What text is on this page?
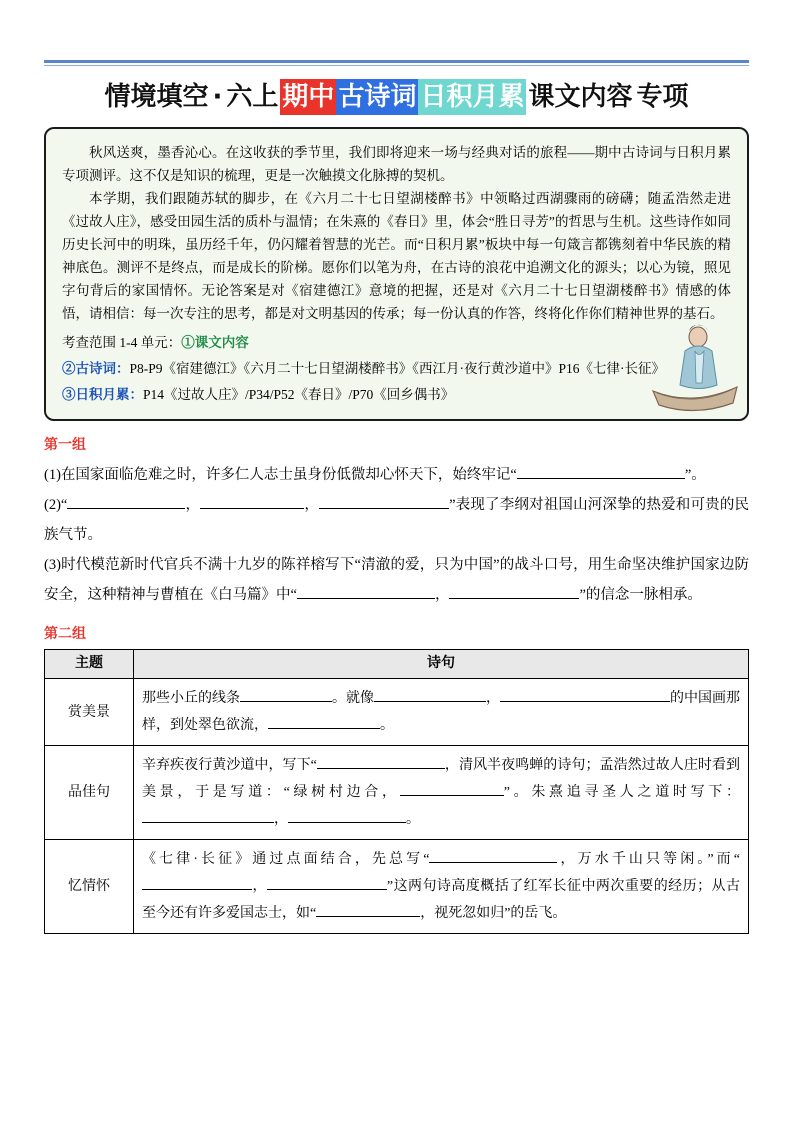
情境填空 · 六上 期中 古诗词 日积月累 课文内容 专项

秋风送爽，墨香沁心。在这收获的季节里，我们即将迎来一场与经典对话的旅程——期中古诗词与日积月累专项测评。这不仅是知识的梳理，更是一次触摸文化脉搏的契机。

本学期，我们跟随苏轼的脚步，在《六月二十七日望湖楼醉书》中领略过西湖骤雨的磅礴；随孟浩然走进《过故人庄》，感受田园生活的质朴与温情；在朱熹的《春日》里，体会“胜日寻芳”的哲思与生机。这些诗作如同历史长河中的明珠，虽历经千年，仍闪耀着智慧的光芒。而“日积月累”板块中每一句箴言都镌刻着中华民族的精神底色。测评不是终点，而是成长的阶梯。愿你们以笔为舟，在古诗的浪花中追溯文化的源头；以心为镜，照见字句背后的家国情怀。无论答案是对《宿建德江》意境的把握，还是对《六月二十七日望湖楼醉书》情感的体悟，请相信：每一次专注的思考，都是对文明基因的传承；每一份认真的作答，终将化作你们精神世界的基石。

考查范围 1-4 单元：①课文内容
②古诗词：P8-P9《宿建德江》《六月二十七日望湖楼醉书》《西江月·夜行黄沙道中》P16《七律·长征》
③日积月累：P14《过故人庄》/P34/P52《春日》/P70《回乡偶书》
第一组

(1)在国家面临危难之时，许多仁人志士虽身份低微却心怀天下，始终牢记“	”。

(2)“	，	，	”表现了李纲对祖国山河深挚的热爱和可贵的民族气节。

(3)时代模范新时代官兵不满十九岁的陈祥榕写下“清澈的爱，只为中国”的战斗口号，用生命坚决维护国家边防安全，这种精神与曹植在《白马篇》中“	，	”的信念一脉相承。

第二组
主题	诗句
赏美景	那些小丘的线条 。就像 ， 的中国画那样，到处翠色欲流， 。
品佳句	辛弃疾夜行黄沙道中，写下“ ，清风半夜鸣蝉的诗句；孟浩然过故人庄时看到美景，于是写道：“绿树村边合， ”。朱熹追寻圣人之道时写下：， 。
忆情怀	《七律·长征》通过点面结合，先总写“ ，万水千山只等闲。”而“， ”这两句诗高度概括了红军长征中两次重要的经历；从古至今还有许多爱国志士，如“ ，视死忽如归”的岳飞。
